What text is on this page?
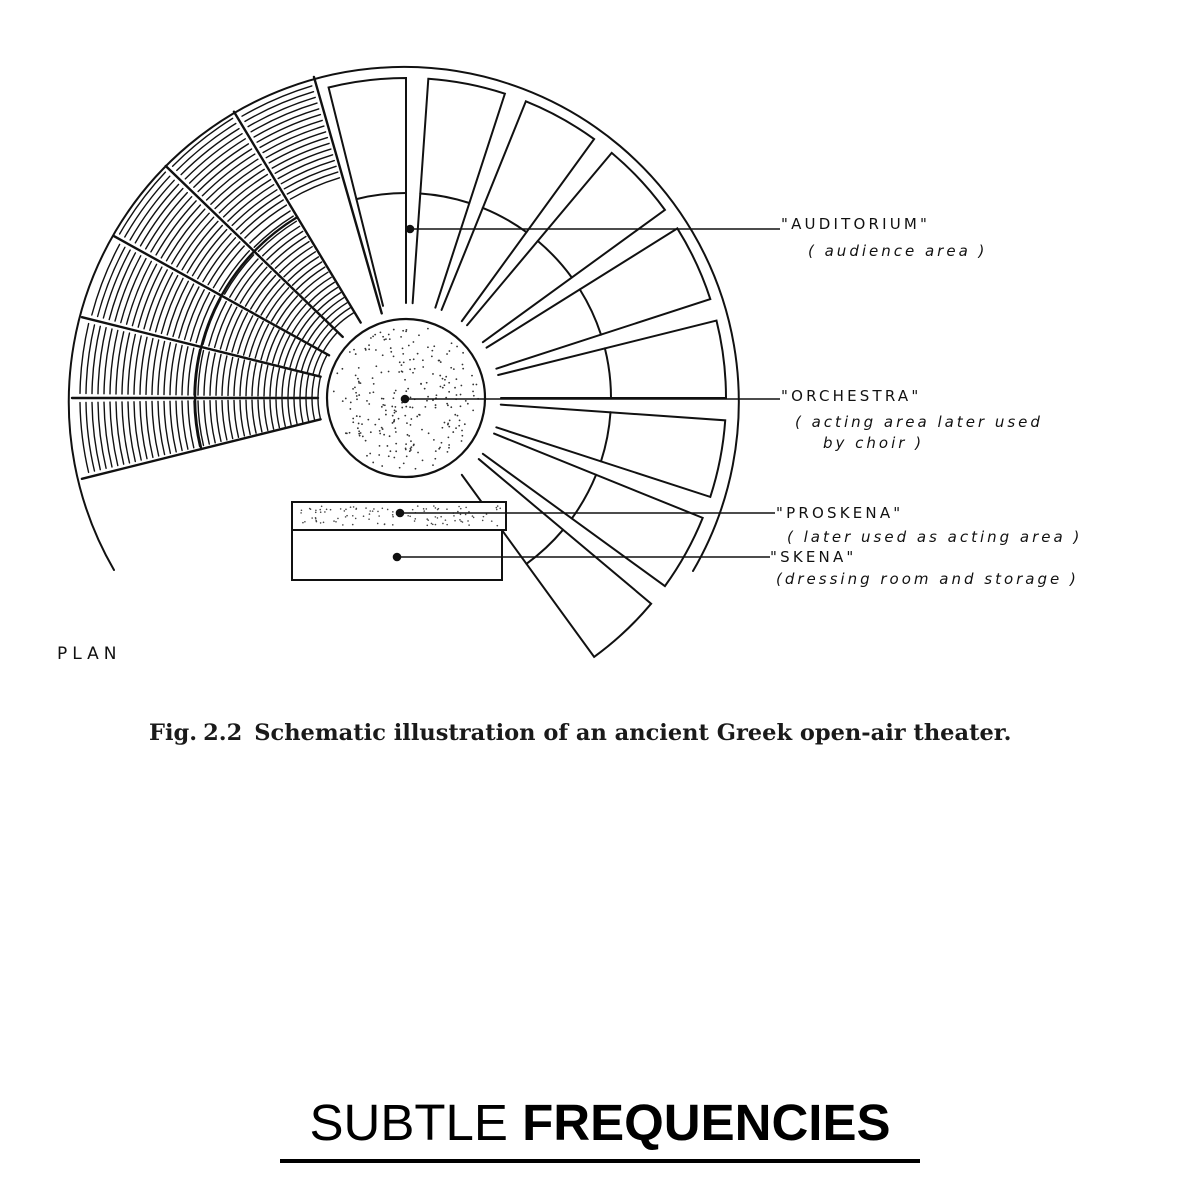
"AUDITORIUM"
( audience area )
"ORCHESTRA"
( acting area later used
by choir )
"PROSKENA"
( later used as acting area )
"SKENA"
(dressing room and storage )

PLAN

Fig. 2.2 Schematic illustration of an ancient Greek open-air theater.

SUBTLE FREQUENCIES
